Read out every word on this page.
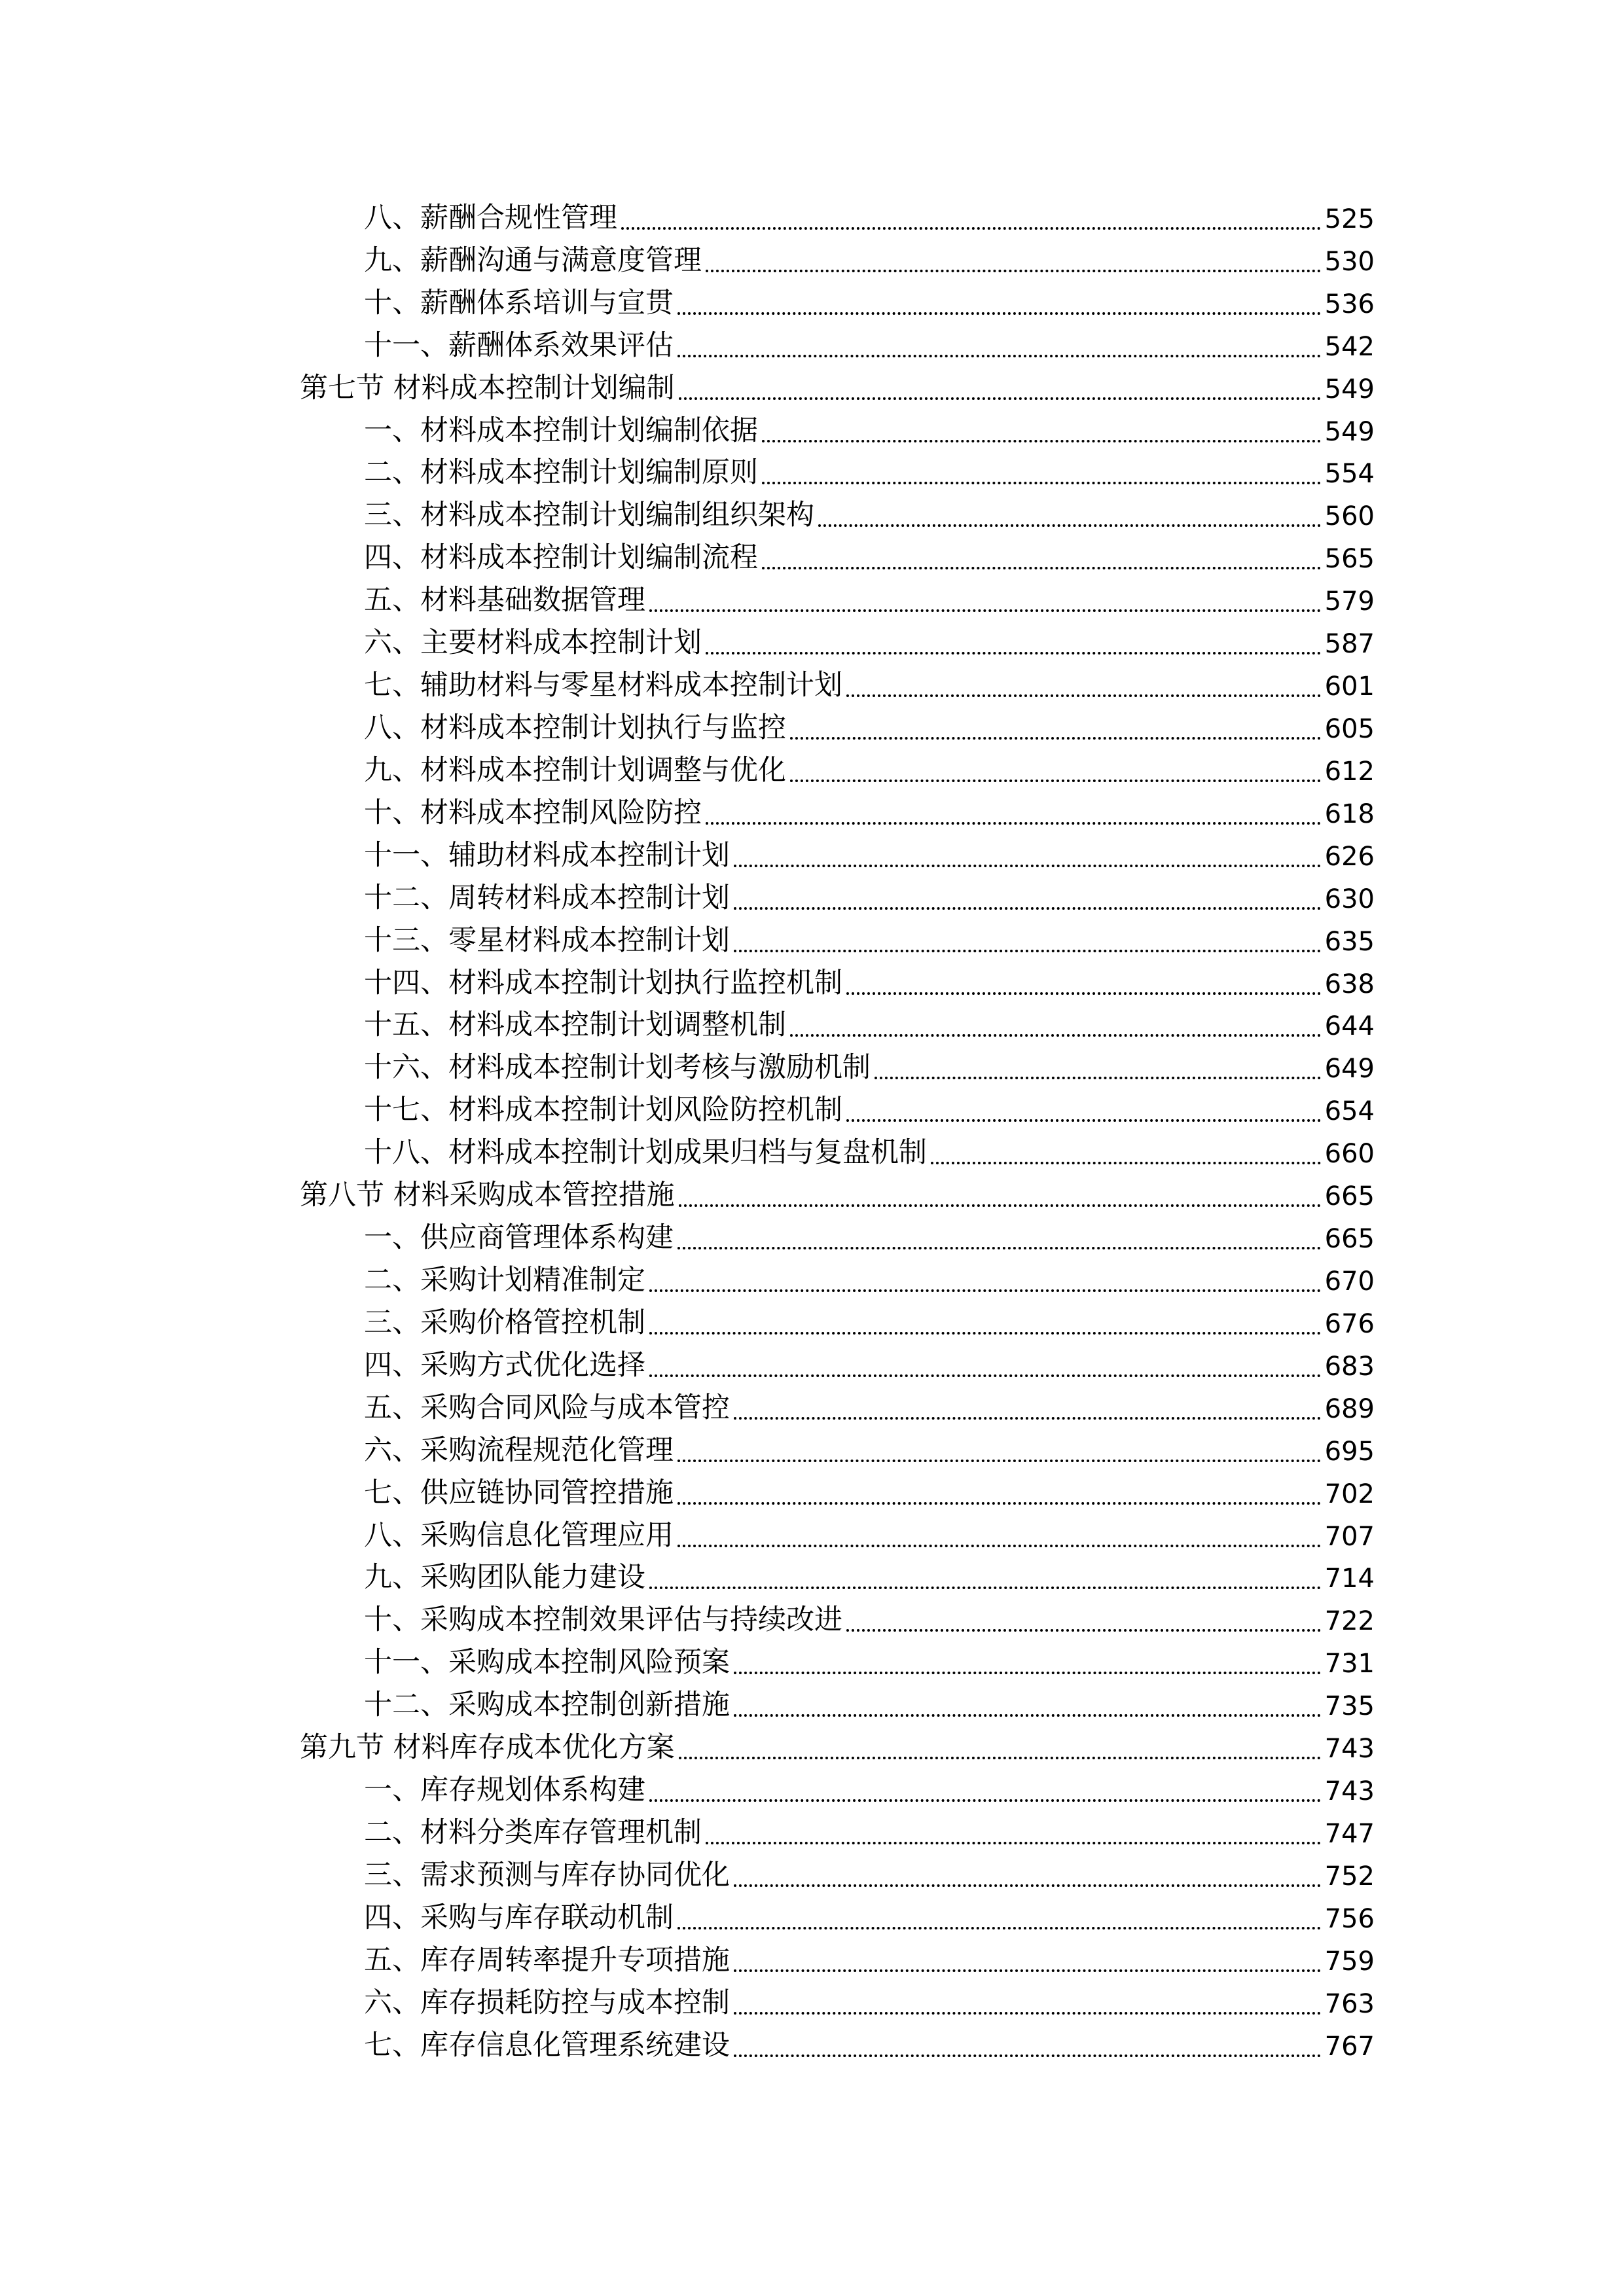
八、薪酬合规性管理	525
九、薪酬沟通与满意度管理	530
十、薪酬体系培训与宣贯	536
十一、薪酬体系效果评估	542
第七节 材料成本控制计划编制	549
一、材料成本控制计划编制依据	549
二、材料成本控制计划编制原则	554
三、材料成本控制计划编制组织架构	560
四、材料成本控制计划编制流程	565
五、材料基础数据管理	579
六、主要材料成本控制计划	587
七、辅助材料与零星材料成本控制计划	601
八、材料成本控制计划执行与监控	605
九、材料成本控制计划调整与优化	612
十、材料成本控制风险防控	618
十一、辅助材料成本控制计划	626
十二、周转材料成本控制计划	630
十三、零星材料成本控制计划	635
十四、材料成本控制计划执行监控机制	638
十五、材料成本控制计划调整机制	644
十六、材料成本控制计划考核与激励机制	649
十七、材料成本控制计划风险防控机制	654
十八、材料成本控制计划成果归档与复盘机制	660
第八节 材料采购成本管控措施	665
一、供应商管理体系构建	665
二、采购计划精准制定	670
三、采购价格管控机制	676
四、采购方式优化选择	683
五、采购合同风险与成本管控	689
六、采购流程规范化管理	695
七、供应链协同管控措施	702
八、采购信息化管理应用	707
九、采购团队能力建设	714
十、采购成本控制效果评估与持续改进	722
十一、采购成本控制风险预案	731
十二、采购成本控制创新措施	735
第九节 材料库存成本优化方案	743
一、库存规划体系构建	743
二、材料分类库存管理机制	747
三、需求预测与库存协同优化	752
四、采购与库存联动机制	756
五、库存周转率提升专项措施	759
六、库存损耗防控与成本控制	763
七、库存信息化管理系统建设	767
